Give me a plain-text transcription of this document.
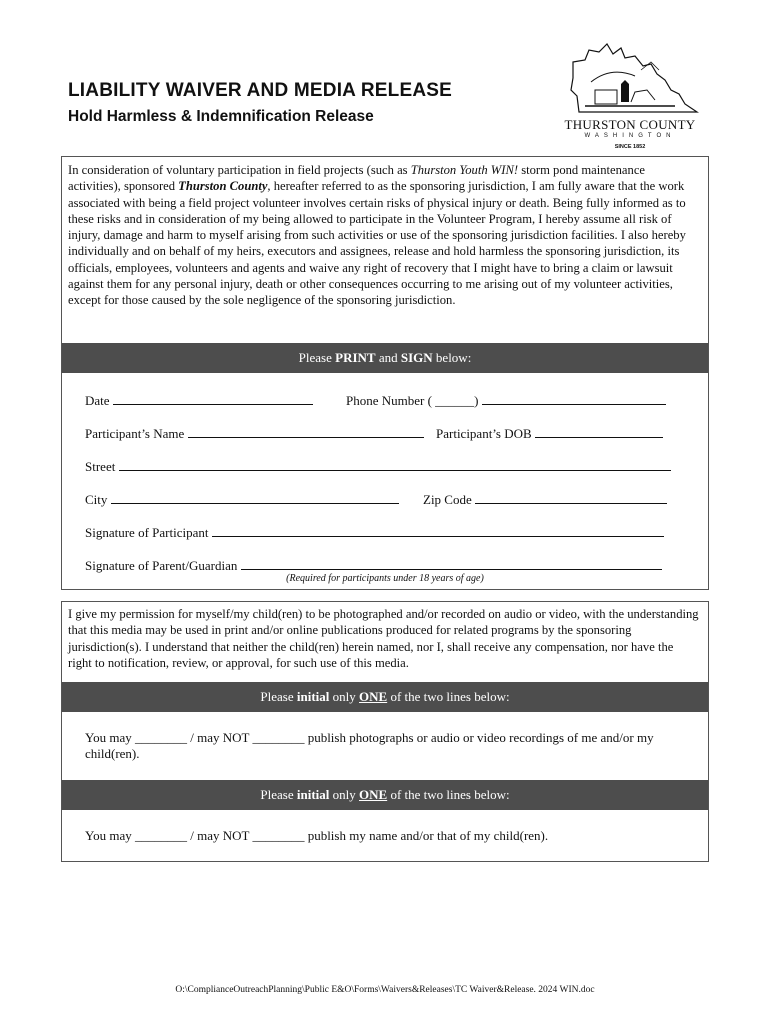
LIABILITY WAIVER AND MEDIA RELEASE
Hold Harmless & Indemnification Release	THURSTON COUNTY
WASHINGTON
SINCE 1852
In consideration of voluntary participation in field projects (such as Thurston Youth WIN! storm pond maintenance activities), sponsored Thurston County, hereafter referred to as the sponsoring jurisdiction, I am fully aware that the work associated with being a field project volunteer involves certain risks of physical injury or death. Being fully informed as to these risks and in consideration of my being allowed to participate in the Volunteer Program, I hereby assume all risk of injury, damage and harm to myself arising from such activities or use of the sponsoring jurisdiction facilities. I also hereby individually and on behalf of my heirs, executors and assignees, release and hold harmless the sponsoring jurisdiction, its officials, employees, volunteers and agents and waive any right of recovery that I might have to bring a claim or lawsuit against them for any personal injury, death or other consequences occurring to me arising out of my volunteer activities, except for those caused by the sole negligence of the sponsoring jurisdiction.
Please PRINT and SIGN below:
Date	Phone Number ( ______)
Participant’s Name	Participant’s DOB
Street
City	Zip Code
Signature of Participant
Signature of Parent/Guardian
(Required for participants under 18 years of age)
I give my permission for myself/my child(ren) to be photographed and/or recorded on audio or video, with the understanding that this media may be used in print and/or online publications produced for related programs by the sponsoring jurisdiction(s). I understand that neither the child(ren) herein named, nor I, shall receive any compensation, nor have the right to notification, review, or approval, for such use of this media.
Please initial only ONE of the two lines below:
You may ________ / may NOT ________ publish photographs or audio or video recordings of me and/or my child(ren).
Please initial only ONE of the two lines below:
You may ________ / may NOT ________ publish my name and/or that of my child(ren).
O:\ComplianceOutreachPlanning\Public E&O\Forms\Waivers&Releases\TC Waiver&Release. 2024 WIN.doc
